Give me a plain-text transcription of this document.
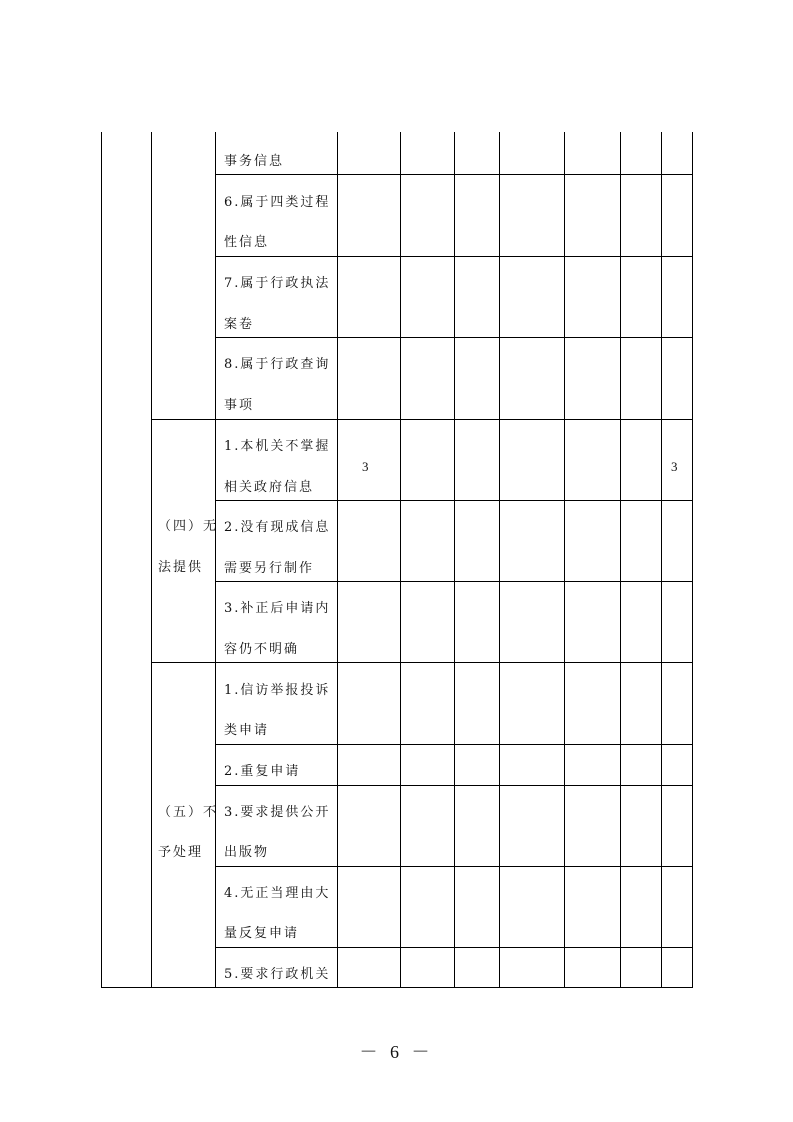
事务信息
6.属于四类过程
性信息
7.属于行政执法
案卷
8.属于行政查询
事项
（四）无
法提供
1.本机关不掌握
相关政府信息
3	3
2.没有现成信息
需要另行制作
3.补正后申请内
容仍不明确
（五）不
予处理
1.信访举报投诉
类申请
2.重复申请
3.要求提供公开
出版物
4.无正当理由大
量反复申请
5.要求行政机关
－ 6 －
